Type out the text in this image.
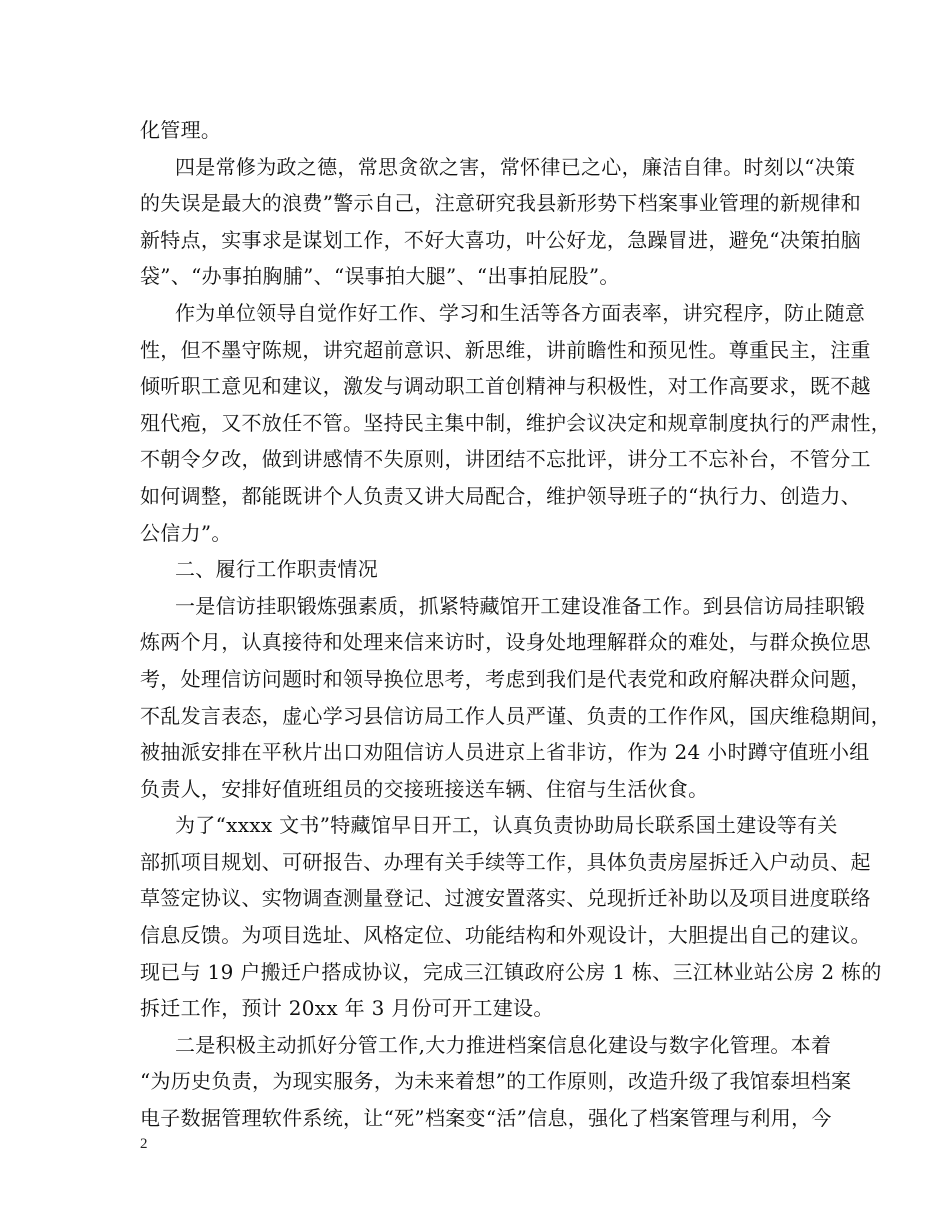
化管理。
四是常修为政之德，常思贪欲之害，常怀律已之心，廉洁自律。时刻以“决策
的失误是最大的浪费”警示自己，注意研究我县新形势下档案事业管理的新规律和
新特点，实事求是谋划工作，不好大喜功，叶公好龙，急躁冒进，避免“决策拍脑
袋”、“办事拍胸脯”、“误事拍大腿”、“出事拍屁股”。
作为单位领导自觉作好工作、学习和生活等各方面表率，讲究程序，防止随意
性，但不墨守陈规，讲究超前意识、新思维，讲前瞻性和预见性。尊重民主，注重
倾听职工意见和建议，激发与调动职工首创精神与积极性，对工作高要求，既不越
殂代疱，又不放任不管。坚持民主集中制，维护会议决定和规章制度执行的严肃性，
不朝令夕改，做到讲感情不失原则，讲团结不忘批评，讲分工不忘补台，不管分工
如何调整，都能既讲个人负责又讲大局配合，维护领导班子的“执行力、创造力、
公信力”。
二、履行工作职责情况
一是信访挂职锻炼强素质，抓紧特藏馆开工建设准备工作。到县信访局挂职锻
炼两个月，认真接待和处理来信来访时，设身处地理解群众的难处，与群众换位思
考，处理信访问题时和领导换位思考，考虑到我们是代表党和政府解决群众问题，
不乱发言表态，虚心学习县信访局工作人员严谨、负责的工作作风，国庆维稳期间，
被抽派安排在平秋片出口劝阻信访人员进京上省非访，作为 24 小时蹲守值班小组
负责人，安排好值班组员的交接班接送车辆、住宿与生活伙食。
为了“xxxx 文书”特藏馆早日开工，认真负责协助局长联系国土建设等有关
部抓项目规划、可研报告、办理有关手续等工作，具体负责房屋拆迁入户动员、起
草签定协议、实物调查测量登记、过渡安置落实、兑现折迁补助以及项目进度联络
信息反馈。为项目选址、风格定位、功能结构和外观设计，大胆提出自己的建议。
现已与 19 户搬迁户搭成协议，完成三江镇政府公房 1 栋、三江林业站公房 2 栋的
拆迁工作，预计 20xx 年 3 月份可开工建设。
二是积极主动抓好分管工作,大力推进档案信息化建设与数字化管理。本着
“为历史负责，为现实服务，为未来着想”的工作原则，改造升级了我馆泰坦档案
电子数据管理软件系统，让“死”档案变“活”信息，强化了档案管理与利用，今
2
